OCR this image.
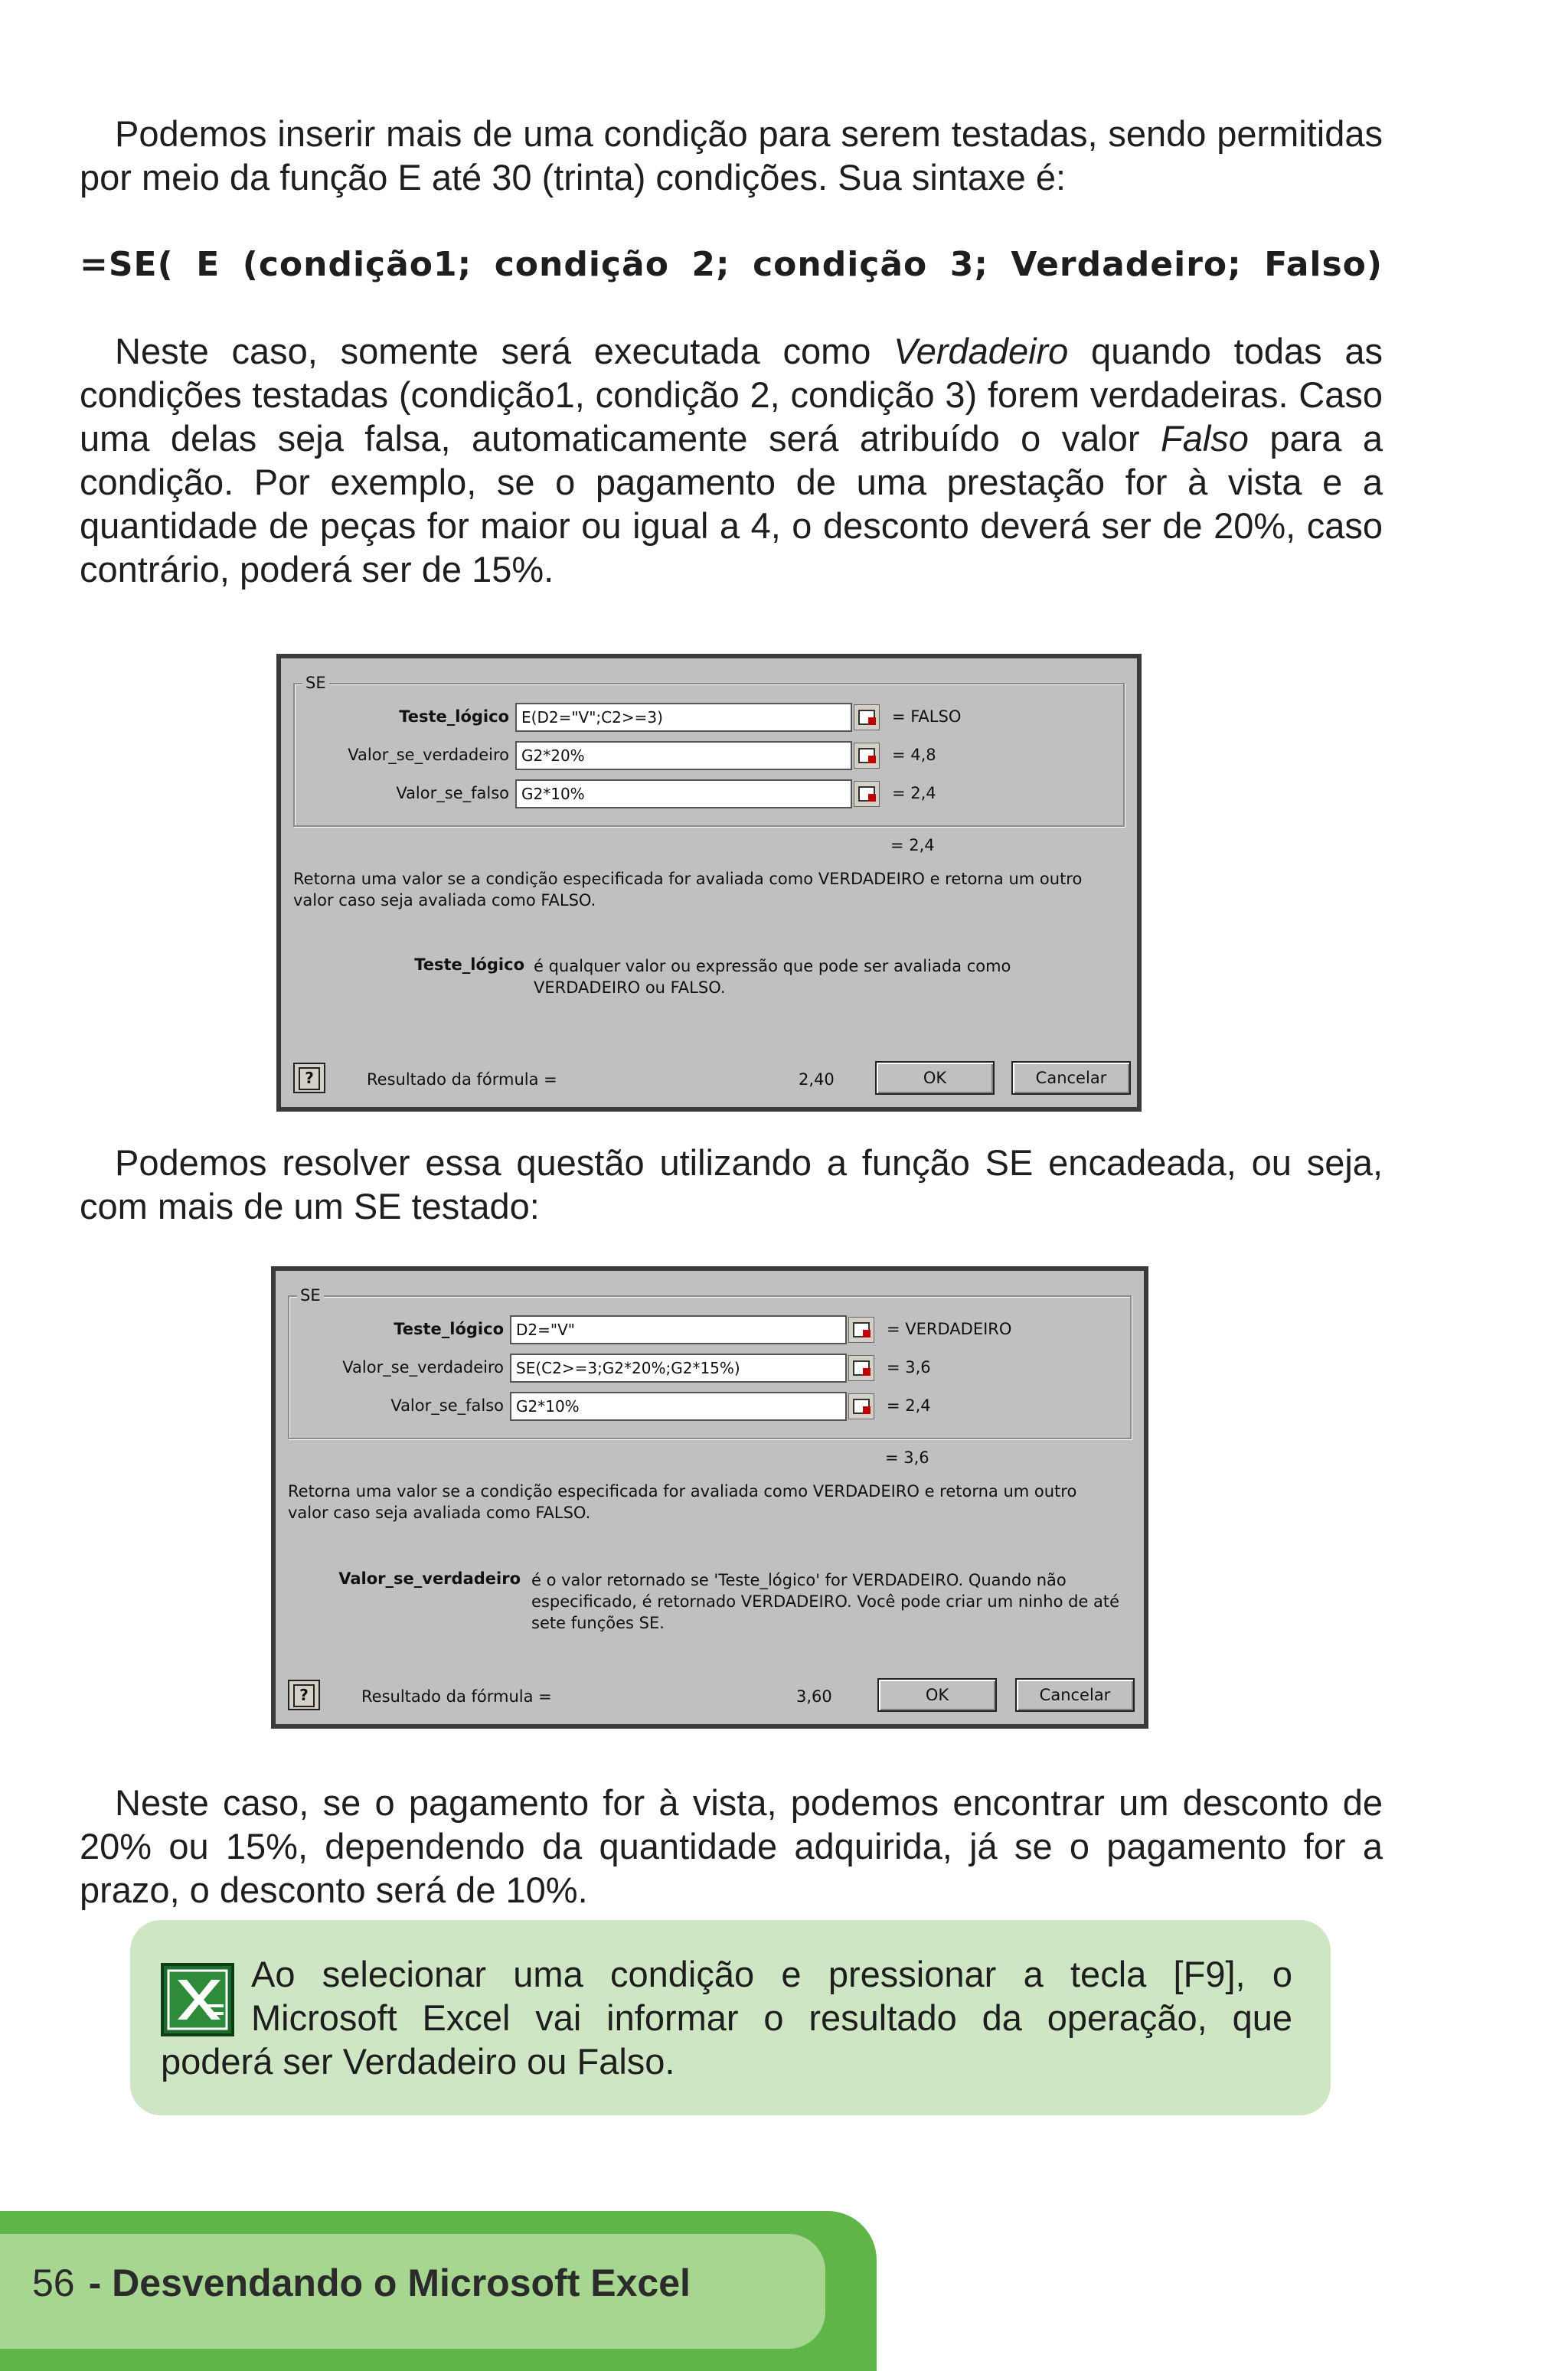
Podemos inserir mais de uma condição para serem testadas, sendo permitidas por meio da função E até 30 (trinta) condições. Sua sintaxe é:

=SE( E (condição1; condição 2; condição 3; Verdadeiro; Falso)

Neste caso, somente será executada como Verdadeiro quando todas as condições testadas (condição1, condição 2, condição 3) forem verdadeiras. Caso uma delas seja falsa, automaticamente será atribuído o valor Falso para a condição. Por exemplo, se o pagamento de uma prestação for à vista e a quantidade de peças for maior ou igual a 4, o desconto deverá ser de 20%, caso contrário, poderá ser de 15%.

SE
Teste_lógico E(D2="V";C2>=3)	= FALSO
Valor_se_verdadeiro G2*20%	= 4,8
Valor_se_falso G2*10%	= 2,4
= 2,4
Retorna uma valor se a condição especificada for avaliada como VERDADEIRO e retorna um outro valor caso seja avaliada como FALSO.
Teste_lógico é qualquer valor ou expressão que pode ser avaliada como VERDADEIRO ou FALSO.
?	Resultado da fórmula =	2,40	OK	Cancelar

Podemos resolver essa questão utilizando a função SE encadeada, ou seja, com mais de um SE testado:

SE
Teste_lógico D2="V"	= VERDADEIRO
Valor_se_verdadeiro SE(C2>=3;G2*20%;G2*15%)	= 3,6
Valor_se_falso G2*10%	= 2,4
= 3,6
Retorna uma valor se a condição especificada for avaliada como VERDADEIRO e retorna um outro valor caso seja avaliada como FALSO.
Valor_se_verdadeiro é o valor retornado se 'Teste_lógico' for VERDADEIRO. Quando não especificado, é retornado VERDADEIRO. Você pode criar um ninho de até sete funções SE.
?	Resultado da fórmula =	3,60	OK	Cancelar

Neste caso, se o pagamento for à vista, podemos encontrar um desconto de 20% ou 15%, dependendo da quantidade adquirida, já se o pagamento for a prazo, o desconto será de 10%.

Ao selecionar uma condição e pressionar a tecla [F9], o Microsoft Excel vai informar o resultado da operação, que poderá ser Verdadeiro ou Falso.

56 - Desvendando o Microsoft Excel
